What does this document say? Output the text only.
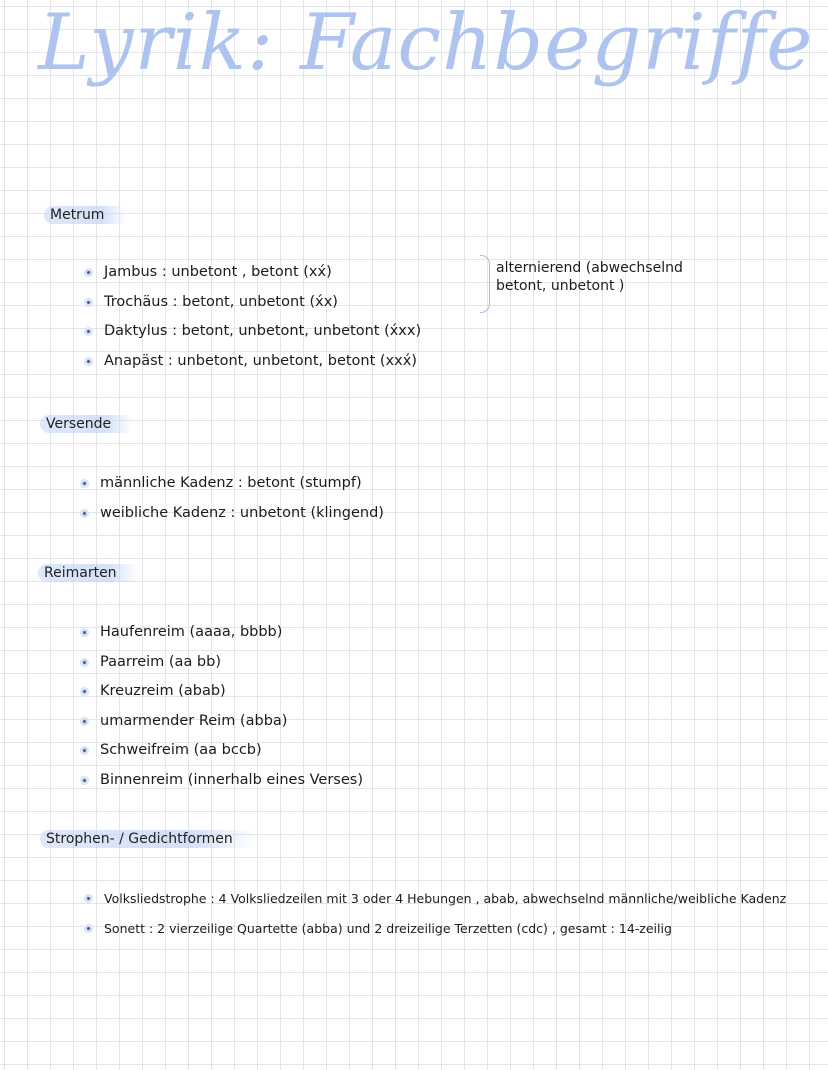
Lyrik: Fachbegriffe
Metrum
Jambus : unbetont , betont (xx́)
Trochäus : betont, unbetont (x́x)
Daktylus : betont, unbetont, unbetont (x́xx)
Anapäst : unbetont, unbetont, betont (xxx́)
alternierend (abwechselnd
betont, unbetont )
Versende
männliche Kadenz : betont (stumpf)
weibliche Kadenz : unbetont (klingend)
Reimarten
Haufenreim (aaaa, bbbb)
Paarreim (aa bb)
Kreuzreim (abab)
umarmender Reim (abba)
Schweifreim (aa bccb)
Binnenreim (innerhalb eines Verses)
Strophen- / Gedichtformen
Volksliedstrophe : 4 Volksliedzeilen mit 3 oder 4 Hebungen , abab, abwechselnd männliche/weibliche Kadenz
Sonett : 2 vierzeilige Quartette (abba) und 2 dreizeilige Terzetten (cdc) , gesamt : 14-zeilig
